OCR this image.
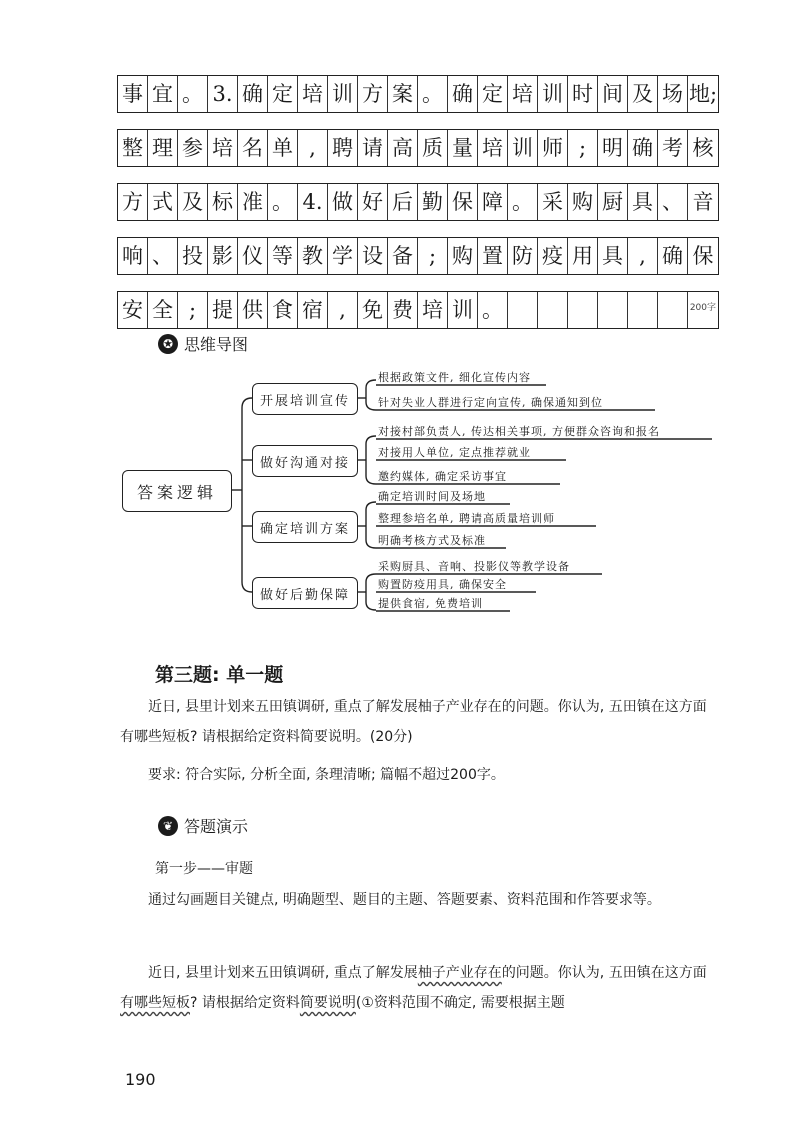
事 宜 。 3. 确 定 培 训 方 案 。 确 定 培 训 时 间 及 场 地;
整 理 参 培 名 单 , 聘 请 高 质 量 培 训 师 ; 明 确 考 核
方 式 及 标 准 。 4. 做 好 后 勤 保 障 。 采 购 厨 具 、 音
响 、 投 影 仪 等 教 学 设 备 ; 购 置 防 疫 用 具 , 确 保
安 全 ; 提 供 食 宿 , 免 费 培 训 。	200字
✪ 思维导图
答案逻辑
开展培训宣传
做好沟通对接
确定培训方案
做好后勤保障
根据政策文件, 细化宣传内容
针对失业人群进行定向宣传, 确保通知到位
对接村部负责人, 传达相关事项, 方便群众咨询和报名
对接用人单位, 定点推荐就业
邀约媒体, 确定采访事宜
确定培训时间及场地
整理参培名单, 聘请高质量培训师
明确考核方式及标准
采购厨具、音响、投影仪等教学设备
购置防疫用具, 确保安全
提供食宿, 免费培训
第三题: 单一题

近日, 县里计划来五田镇调研, 重点了解发展柚子产业存在的问题。你认为, 五田镇在这方面有哪些短板? 请根据给定资料简要说明。(20分)

要求: 符合实际, 分析全面, 条理清晰; 篇幅不超过200字。

❦ 答题演示
第一步——审题

通过勾画题目关键点, 明确题型、题目的主题、答题要素、资料范围和作答要求等。

近日, 县里计划来五田镇调研, 重点了解发展柚子产业存在的问题。你认为, 五田镇在这方面有哪些短板? 请根据给定资料简要说明(①资料范围不确定, 需要根据主题

190
